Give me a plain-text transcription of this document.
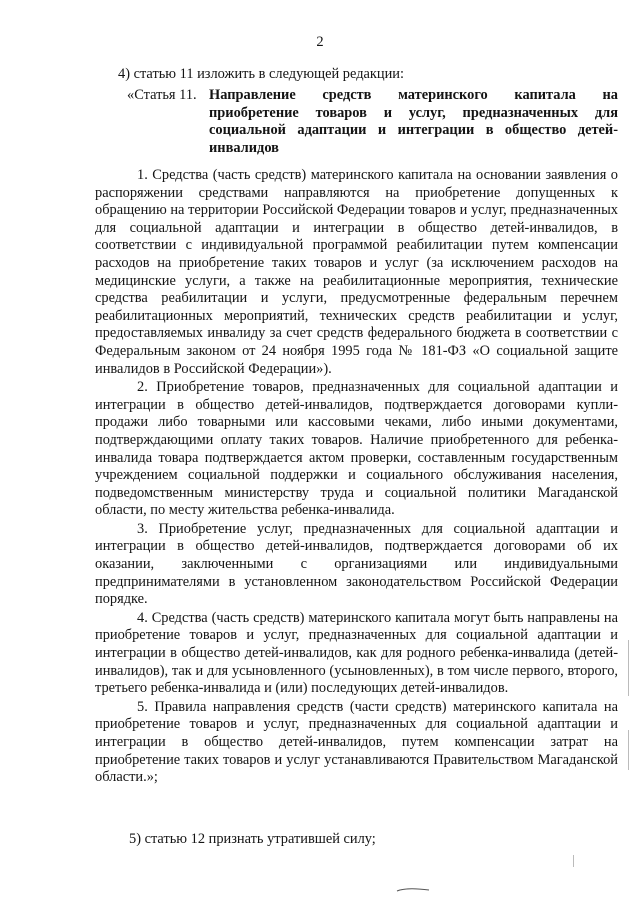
2
4) статью 11 изложить в следующей редакции:
«Статья 11. Направление средств материнского капитала на приобретение товаров и услуг, предназначенных для социальной адаптации и интеграции в общество детей-инвалидов

1. Средства (часть средств) материнского капитала на основании заявления о распоряжении средствами направляются на приобретение допущенных к обращению на территории Российской Федерации товаров и услуг, предназначенных для социальной адаптации и интеграции в общество детей-инвалидов, в соответствии с индивидуальной программой реабилитации путем компенсации расходов на приобретение таких товаров и услуг (за исключением расходов на медицинские услуги, а также на реабилитационные мероприятия, технические средства реабилитации и услуги, предусмотренные федеральным перечнем реабилитационных мероприятий, технических средств реабилитации и услуг, предоставляемых инвалиду за счет средств федерального бюджета в соответствии с Федеральным законом от 24 ноября 1995 года № 181-ФЗ «О социальной защите инвалидов в Российской Федерации»).

2. Приобретение товаров, предназначенных для социальной адаптации и интеграции в общество детей-инвалидов, подтверждается договорами купли-продажи либо товарными или кассовыми чеками, либо иными документами, подтверждающими оплату таких товаров. Наличие приобретенного для ребенка-инвалида товара подтверждается актом проверки, составленным государственным учреждением социальной поддержки и социального обслуживания населения, подведомственным министерству труда и социальной политики Магаданской области, по месту жительства ребенка-инвалида.

3. Приобретение услуг, предназначенных для социальной адаптации и интеграции в общество детей-инвалидов, подтверждается договорами об их оказании, заключенными с организациями или индивидуальными предпринимателями в установленном законодательством Российской Федерации порядке.

4. Средства (часть средств) материнского капитала могут быть направлены на приобретение товаров и услуг, предназначенных для социальной адаптации и интеграции в общество детей-инвалидов, как для родного ребенка-инвалида (детей-инвалидов), так и для усыновленного (усыновленных), в том числе первого, второго, третьего ребенка-инвалида и (или) последующих детей-инвалидов.

5. Правила направления средств (части средств) материнского капитала на приобретение товаров и услуг, предназначенных для социальной адаптации и интеграции в общество детей-инвалидов, путем компенсации затрат на приобретение таких товаров и услуг устанавливаются Правительством Магаданской области.»;

5) статью 12 признать утратившей силу;
